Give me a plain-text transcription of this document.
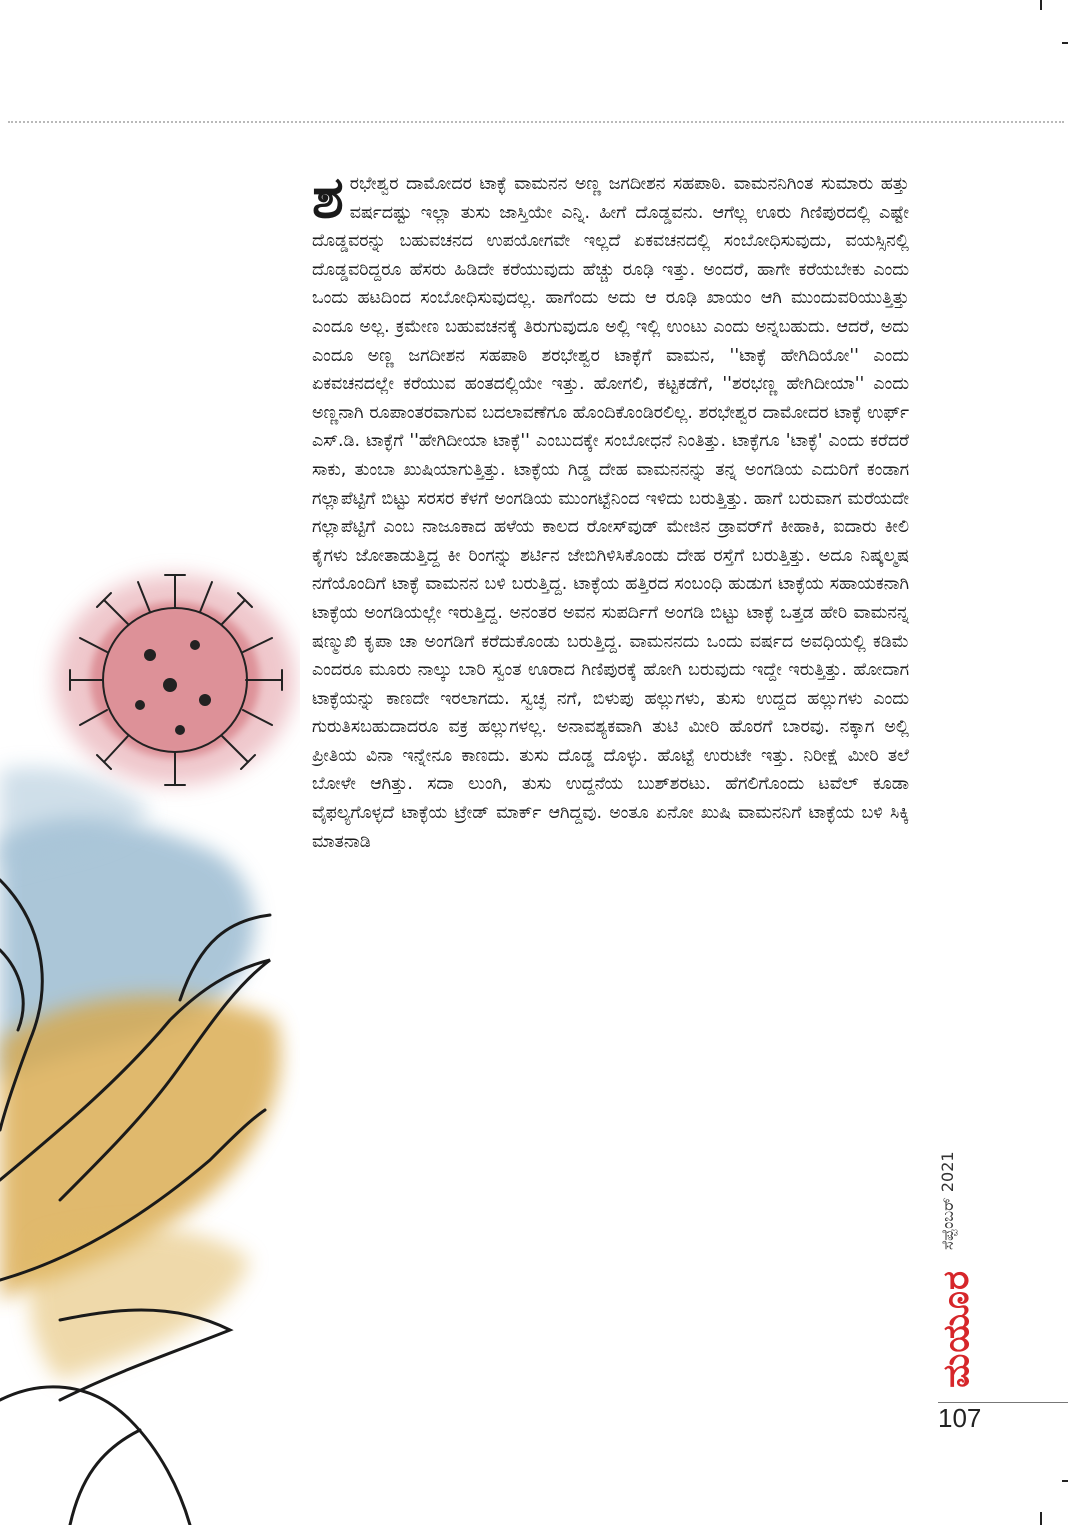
ಶರಭೇಶ್ವರ ದಾಮೋದರ ಟಾಕ್ಳೆ ವಾಮನನ ಅಣ್ಣ ಜಗದೀಶನ ಸಹಪಾಠಿ. ವಾಮನನಿಗಿಂತ ಸುಮಾರು ಹತ್ತು ವರ್ಷದಷ್ಟು ಇಲ್ಲಾ ತುಸು ಜಾಸ್ತಿಯೇ ಎನ್ನಿ. ಹೀಗೆ ದೊಡ್ಡವನು. ಆಗೆಲ್ಲ ಊರು ಗಿಣಿಪುರದಲ್ಲಿ ಎಷ್ಟೇ ದೊಡ್ಡವರನ್ನು ಬಹುವಚನದ ಉಪಯೋಗವೇ ಇಲ್ಲದೆ ಏಕವಚನದಲ್ಲಿ ಸಂಬೋಧಿಸುವುದು, ವಯಸ್ಸಿನಲ್ಲಿ ದೊಡ್ಡವರಿದ್ದರೂ ಹೆಸರು ಹಿಡಿದೇ ಕರೆಯುವುದು ಹೆಚ್ಚು ರೂಢಿ ಇತ್ತು. ಅಂದರೆ, ಹಾಗೇ ಕರೆಯಬೇಕು ಎಂದು ಒಂದು ಹಟದಿಂದ ಸಂಬೋಧಿಸುವುದಲ್ಲ. ಹಾಗೆಂದು ಅದು ಆ ರೂಢಿ ಖಾಯಂ ಆಗಿ ಮುಂದುವರಿಯುತ್ತಿತ್ತು ಎಂದೂ ಅಲ್ಲ. ಕ್ರಮೇಣ ಬಹುವಚನಕ್ಕೆ ತಿರುಗುವುದೂ ಅಲ್ಲಿ ಇಲ್ಲಿ ಉಂಟು ಎಂದು ಅನ್ನಬಹುದು. ಆದರೆ, ಅದು ಎಂದೂ ಅಣ್ಣ ಜಗದೀಶನ ಸಹಪಾಠಿ ಶರಭೇಶ್ವರ ಟಾಕ್ಳೆಗೆ ವಾಮನ, ''ಟಾಕ್ಳೆ ಹೇಗಿದಿಯೋ'' ಎಂದು ಏಕವಚನದಲ್ಲೇ ಕರೆಯುವ ಹಂತದಲ್ಲಿಯೇ ಇತ್ತು. ಹೋಗಲಿ, ಕಟ್ಟಕಡೆಗೆ, ''ಶರಭಣ್ಣ ಹೇಗಿದೀಯಾ'' ಎಂದು ಅಣ್ಣನಾಗಿ ರೂಪಾಂತರವಾಗುವ ಬದಲಾವಣೆಗೂ ಹೊಂದಿಕೊಂಡಿರಲಿಲ್ಲ. ಶರಭೇಶ್ವರ ದಾಮೋದರ ಟಾಕ್ಳೆ ಉರ್ಫ್ ಎಸ್.ಡಿ. ಟಾಕ್ಳೆಗೆ ''ಹೇಗಿದೀಯಾ ಟಾಕ್ಳೆ'' ಎಂಬುದಕ್ಕೇ ಸಂಬೋಧನೆ ನಿಂತಿತ್ತು. ಟಾಕ್ಳೆಗೂ 'ಟಾಕ್ಳೆ' ಎಂದು ಕರೆದರೆ ಸಾಕು, ತುಂಬಾ ಖುಷಿಯಾಗುತ್ತಿತ್ತು. ಟಾಕ್ಳೆಯ ಗಿಡ್ಡ ದೇಹ ವಾಮನನನ್ನು ತನ್ನ ಅಂಗಡಿಯ ಎದುರಿಗೆ ಕಂಡಾಗ ಗಲ್ಲಾಪೆಟ್ಟಿಗೆ ಬಿಟ್ಟು ಸರಸರ ಕೆಳಗೆ ಅಂಗಡಿಯ ಮುಂಗಟ್ಟೆನಿಂದ ಇಳಿದು ಬರುತ್ತಿತ್ತು. ಹಾಗೆ ಬರುವಾಗ ಮರೆಯದೇ ಗಲ್ಲಾಪೆಟ್ಟಿಗೆ ಎಂಬ ನಾಜೂಕಾದ ಹಳೆಯ ಕಾಲದ ರೋಸ್‌ವುಡ್ ಮೇಜಿನ ಡ್ರಾವರ್‌ಗೆ ಕೀಹಾಕಿ, ಐದಾರು ಕೀಲಿ ಕೈಗಳು ಜೋತಾಡುತ್ತಿದ್ದ ಕೀ ರಿಂಗನ್ನು ಶರ್ಟಿನ ಜೇಬಿಗಿಳಿಸಿಕೊಂಡು ದೇಹ ರಸ್ತೆಗೆ ಬರುತ್ತಿತ್ತು. ಅದೂ ನಿಷ್ಕಲ್ಮಷ ನಗೆಯೊಂದಿಗೆ ಟಾಕ್ಳೆ ವಾಮನನ ಬಳಿ ಬರುತ್ತಿದ್ದ. ಟಾಕ್ಳೆಯ ಹತ್ತಿರದ ಸಂಬಂಧಿ ಹುಡುಗ ಟಾಕ್ಳೆಯ ಸಹಾಯಕನಾಗಿ ಟಾಕ್ಳೆಯ ಅಂಗಡಿಯಲ್ಲೇ ಇರುತ್ತಿದ್ದ. ಅನಂತರ ಅವನ ಸುಪರ್ದಿಗೆ ಅಂಗಡಿ ಬಿಟ್ಟು ಟಾಕ್ಳೆ ಒತ್ತಡ ಹೇರಿ ವಾಮನನ್ನ ಷಣ್ಮುಖಿ ಕೃಪಾ ಚಾ ಅಂಗಡಿಗೆ ಕರೆದುಕೊಂಡು ಬರುತ್ತಿದ್ದ. ವಾಮನನದು ಒಂದು ವರ್ಷದ ಅವಧಿಯಲ್ಲಿ ಕಡಿಮೆ ಎಂದರೂ ಮೂರು ನಾಲ್ಕು ಬಾರಿ ಸ್ವಂತ ಊರಾದ ಗಿಣಿಪುರಕ್ಕೆ ಹೋಗಿ ಬರುವುದು ಇದ್ದೇ ಇರುತ್ತಿತ್ತು. ಹೋದಾಗ ಟಾಕ್ಳೆಯನ್ನು ಕಾಣದೇ ಇರಲಾಗದು. ಸ್ವಚ್ಛ ನಗೆ, ಬಿಳುಪು ಹಲ್ಲುಗಳು, ತುಸು ಉದ್ದದ ಹಲ್ಲುಗಳು ಎಂದು ಗುರುತಿಸಬಹುದಾದರೂ ವಕ್ರ ಹಲ್ಲುಗಳಲ್ಲ. ಅನಾವಶ್ಯಕವಾಗಿ ತುಟಿ ಮೀರಿ ಹೊರಗೆ ಬಾರವು. ನಕ್ಕಾಗ ಅಲ್ಲಿ ಪ್ರೀತಿಯ ವಿನಾ ಇನ್ನೇನೂ ಕಾಣದು. ತುಸು ದೊಡ್ಡ ದೊಳ್ಳು. ಹೊಟ್ಟೆ ಉರುಟೇ ಇತ್ತು. ನಿರೀಕ್ಷೆ ಮೀರಿ ತಲೆ ಬೋಳೇ ಆಗಿತ್ತು. ಸದಾ ಲುಂಗಿ, ತುಸು ಉದ್ದನೆಯ ಬುಶ್‌ಶರಟು. ಹೆಗಲಿಗೊಂದು ಟವೆಲ್ ಕೂಡಾ ವೈಫಲ್ಯಗೊಳ್ಳದೆ ಟಾಕ್ಳೆಯ ಟ್ರೇಡ್ ಮಾರ್ಕ್ ಆಗಿದ್ದವು. ಅಂತೂ ಏನೋ ಖುಷಿ ವಾಮನನಿಗೆ ಟಾಕ್ಳೆಯ ಬಳಿ ಸಿಕ್ಕಿ ಮಾತನಾಡಿ
ಸೆಪ್ಟೆಂಬರ್ 2021
ಮಯೂರ
107
